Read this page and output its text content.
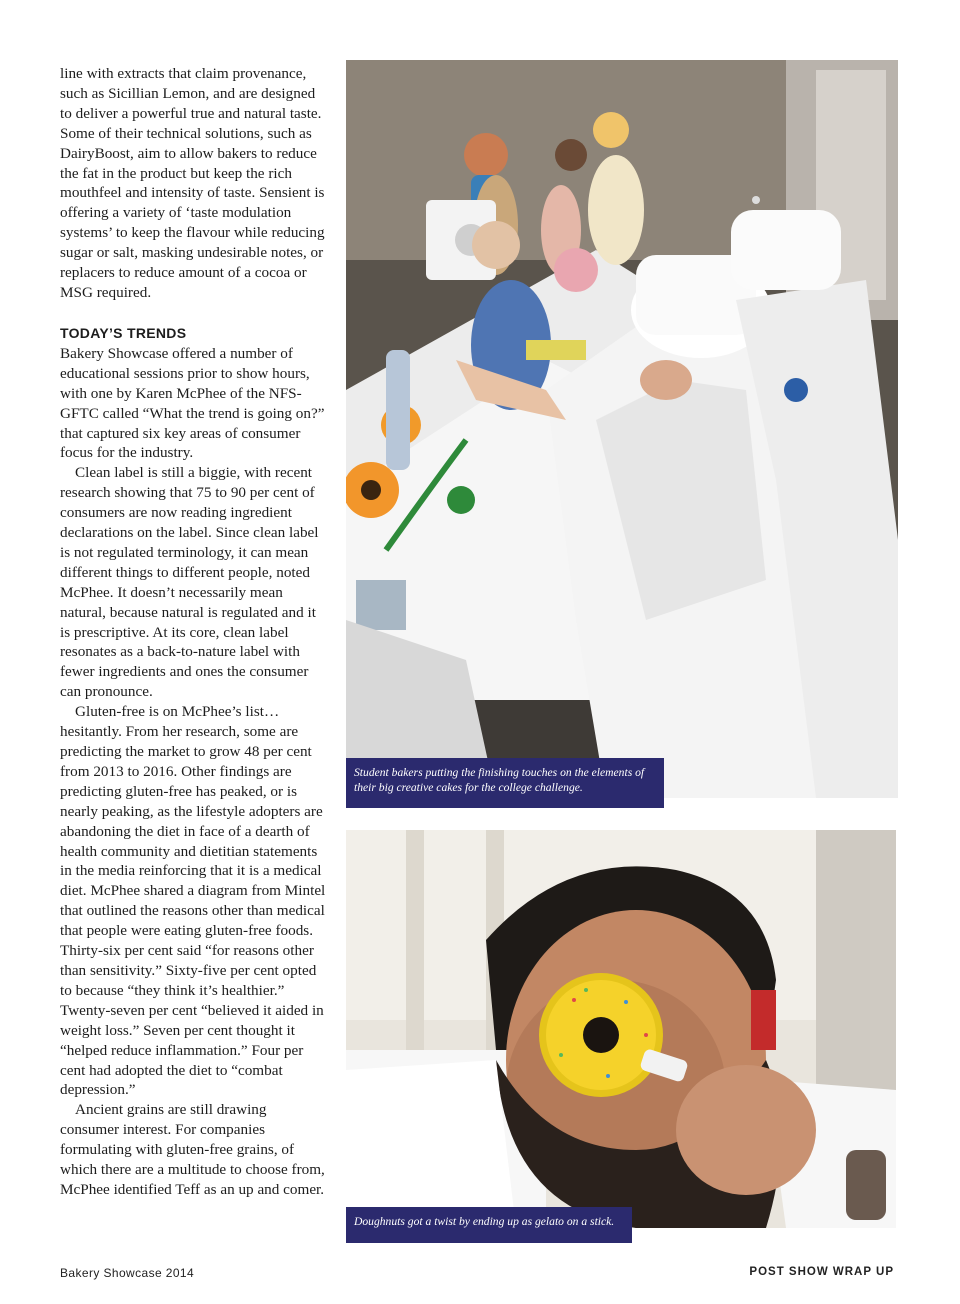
line with extracts that claim provenance, such as Sicillian Lemon, and are designed to deliver a powerful true and natural taste. Some of their technical solutions, such as DairyBoost, aim to allow bakers to reduce the fat in the product but keep the rich mouthfeel and intensity of taste. Sensient is offering a variety of ‘taste modulation systems’ to keep the flavour while reducing sugar or salt, masking undesirable notes, or replacers to reduce amount of a cocoa or MSG required.

TODAY’S TRENDS

Bakery Showcase offered a number of educational sessions prior to show hours, with one by Karen McPhee of the NFS-GFTC called “What the trend is going on?” that captured six key areas of consumer focus for the industry.

Clean label is still a biggie, with recent research showing that 75 to 90 per cent of consumers are now reading ingredient declarations on the label. Since clean label is not regulated terminology, it can mean different things to different people, noted McPhee. It doesn’t necessarily mean natural, because natural is regulated and it is prescriptive. At its core, clean label resonates as a back-to-nature label with fewer ingredients and ones the consumer can pronounce.

Gluten-free is on McPhee’s list… hesitantly. From her research, some are predicting the market to grow 48 per cent from 2013 to 2016. Other findings are predicting gluten-free has peaked, or is nearly peaking, as the lifestyle adopters are abandoning the diet in face of a dearth of health community and dietitian statements in the media reinforcing that it is a medical diet. McPhee shared a diagram from Mintel that outlined the reasons other than medical that people were eating gluten-free foods. Thirty-six per cent said “for reasons other than sensitivity.” Sixty-five per cent opted to because “they think it’s healthier.” Twenty-seven per cent “believed it aided in weight loss.” Seven per cent thought it “helped reduce inflammation.” Four per cent had adopted the diet to “combat depression.”

Ancient grains are still drawing consumer interest. For companies formulating with gluten-free grains, of which there are a multitude to choose from, McPhee identified Teff as an up and comer.

Student bakers putting the finishing touches on the elements of their big creative cakes for the college challenge.
Doughnuts got a twist by ending up as gelato on a stick.
Bakery Showcase 2014	POST SHOW WRAP UP
